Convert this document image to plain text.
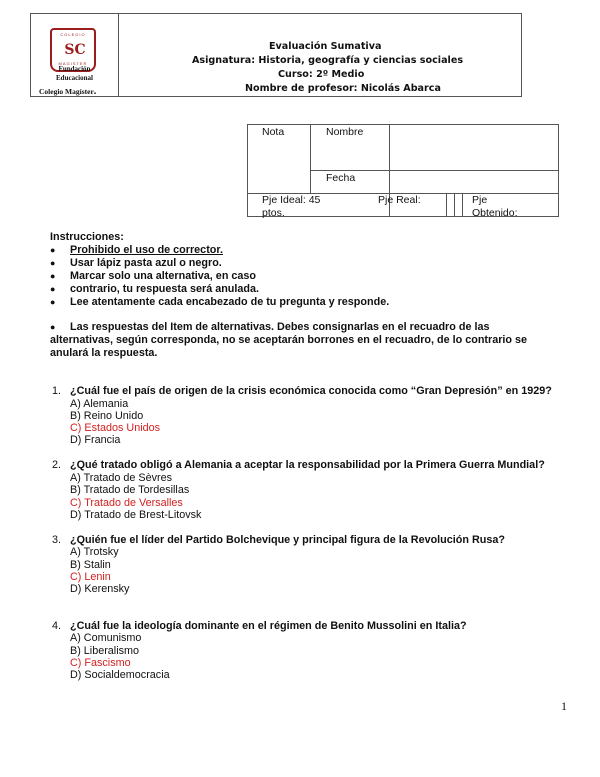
COLEGIO
SC
MAGISTER
Fundación
Educacional
Colegio Magíster.
Evaluación Sumativa
Asignatura: Historia, geografía y ciencias sociales
Curso: 2º Medio
Nombre de profesor: Nicolás Abarca
Nota	Nombre
Fecha
Pje Ideal: 45
ptos.
Pje Real:	Pje
Obtenido:
Instrucciones:
● Prohibido el uso de corrector.
● Usar lápiz pasta azul o negro.
● Marcar solo una alternativa, en caso
● contrario, tu respuesta será anulada.
● Lee atentamente cada encabezado de tu pregunta y responde.
● Las respuestas del Item de alternativas. Debes consignarlas en el recuadro de las
alternativas, según corresponda, no se aceptarán borrones en el recuadro, de lo contrario se
anulará la respuesta.
1. ¿Cuál fue el país de origen de la crisis económica conocida como “Gran Depresión” en 1929?
A) Alemania
B) Reino Unido
C) Estados Unidos
D) Francia
2. ¿Qué tratado obligó a Alemania a aceptar la responsabilidad por la Primera Guerra Mundial?
A) Tratado de Sèvres
B) Tratado de Tordesillas
C) Tratado de Versalles
D) Tratado de Brest-Litovsk
3. ¿Quién fue el líder del Partido Bolchevique y principal figura de la Revolución Rusa?
A) Trotsky
B) Stalin
C) Lenin
D) Kerensky
4. ¿Cuál fue la ideología dominante en el régimen de Benito Mussolini en Italia?
A) Comunismo
B) Liberalismo
C) Fascismo
D) Socialdemocracia
1
